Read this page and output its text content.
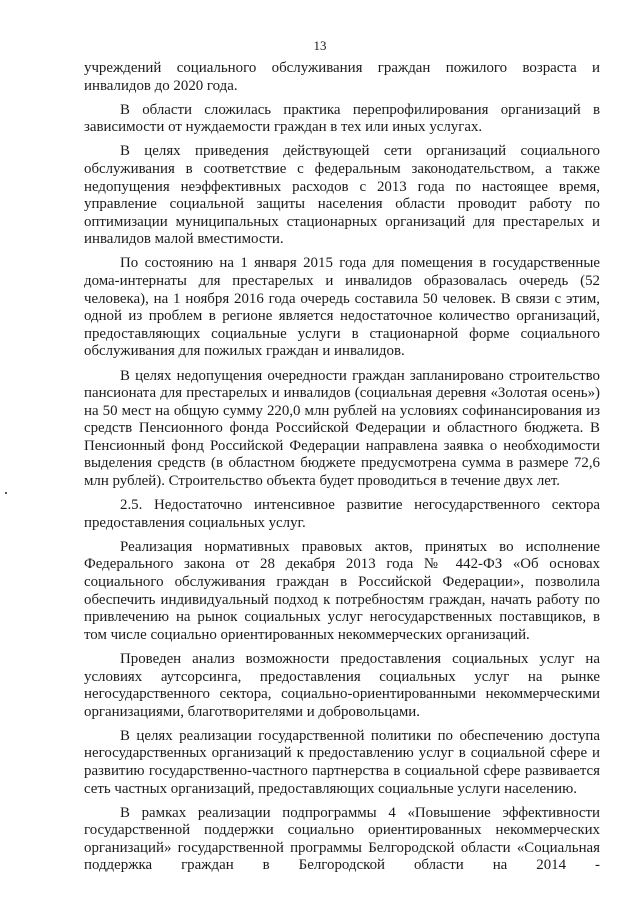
13

учреждений социального обслуживания граждан пожилого возраста и инвалидов до 2020 года.

В области сложилась практика перепрофилирования организаций в зависимости от нуждаемости граждан в тех или иных услугах.

В целях приведения действующей сети организаций социального обслуживания в соответствие с федеральным законодательством, а также недопущения неэффективных расходов с 2013 года по настоящее время, управление социальной защиты населения области проводит работу по оптимизации муниципальных стационарных организаций для престарелых и инвалидов малой вместимости.

По состоянию на 1 января 2015 года для помещения в государственные дома-интернаты для престарелых и инвалидов образовалась очередь (52 человека), на 1 ноября 2016 года очередь составила 50 человек. В связи с этим, одной из проблем в регионе является недостаточное количество организаций, предоставляющих социальные услуги в стационарной форме социального обслуживания для пожилых граждан и инвалидов.

В целях недопущения очередности граждан запланировано строительство пансионата для престарелых и инвалидов (социальная деревня «Золотая осень») на 50 мест на общую сумму 220,0 млн рублей на условиях софинансирования из средств Пенсионного фонда Российской Федерации и областного бюджета. В Пенсионный фонд Российской Федерации направлена заявка о необходимости выделения средств (в областном бюджете предусмотрена сумма в размере 72,6 млн рублей). Строительство объекта будет проводиться в течение двух лет.

2.5. Недостаточно интенсивное развитие негосударственного сектора предоставления социальных услуг.

Реализация нормативных правовых актов, принятых во исполнение Федерального закона от 28 декабря 2013 года № 442-ФЗ «Об основах социального обслуживания граждан в Российской Федерации», позволила обеспечить индивидуальный подход к потребностям граждан, начать работу по привлечению на рынок социальных услуг негосударственных поставщиков, в том числе социально ориентированных некоммерческих организаций.

Проведен анализ возможности предоставления социальных услуг на условиях аутсорсинга, предоставления социальных услуг на рынке негосударственного сектора, социально-ориентированными некоммерческими организациями, благотворителями и добровольцами.

В целях реализации государственной политики по обеспечению доступа негосударственных организаций к предоставлению услуг в социальной сфере и развитию государственно-частного партнерства в социальной сфере развивается сеть частных организаций, предоставляющих социальные услуги населению.

В рамках реализации подпрограммы 4 «Повышение эффективности государственной поддержки социально ориентированных некоммерческих организаций» государственной программы Белгородской области «Социальная поддержка граждан в Белгородской области на 2014 -
